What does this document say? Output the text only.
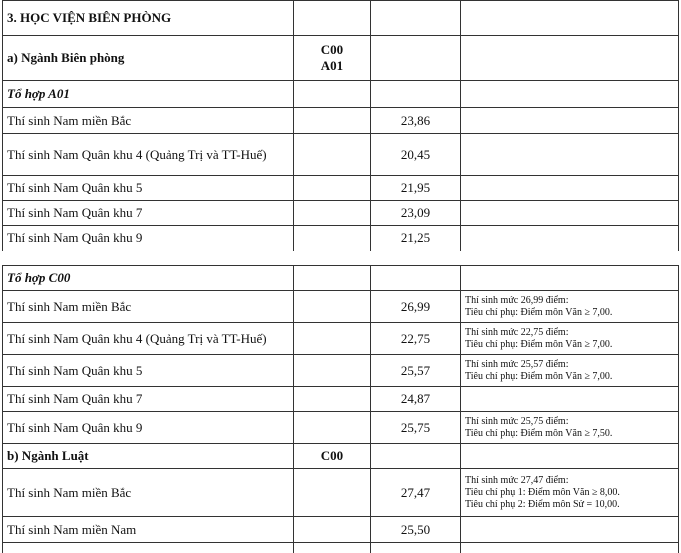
3. HỌC VIỆN BIÊN PHÒNG			
a) Ngành Biên phòng	C00
A01		

Tổ hợp A01			
Thí sinh Nam miền Bắc		23,86	
Thí sinh Nam Quân khu 4 (Quảng Trị và TT-Huế)		20,45	
Thí sinh Nam Quân khu 5		21,95	
Thí sinh Nam Quân khu 7		23,09	
Thí sinh Nam Quân khu 9		21,25	
Tổ hợp C00			
Thí sinh Nam miền Bắc		26,99	Thí sinh mức 26,99 điểm:
Tiêu chí phụ: Điểm môn Văn ≥ 7,00.

Thí sinh Nam Quân khu 4 (Quảng Trị và TT-Huế)		22,75	Thí sinh mức 22,75 điểm:
Tiêu chí phụ: Điểm môn Văn ≥ 7,00.

Thí sinh Nam Quân khu 5		25,57	Thí sinh mức 25,57 điểm:
Tiêu chí phụ: Điểm môn Văn ≥ 7,00.

Thí sinh Nam Quân khu 7		24,87	
Thí sinh Nam Quân khu 9		25,75	Thí sinh mức 25,75 điểm:
Tiêu chí phụ: Điểm môn Văn ≥ 7,50.

b) Ngành Luật	C00		
Thí sinh Nam miền Bắc		27,47	Thí sinh mức 27,47 điểm:
Tiêu chí phụ 1: Điểm môn Văn ≥ 8,00.
Tiêu chí phụ 2: Điểm môn Sử = 10,00.

Thí sinh Nam miền Nam		25,50	
